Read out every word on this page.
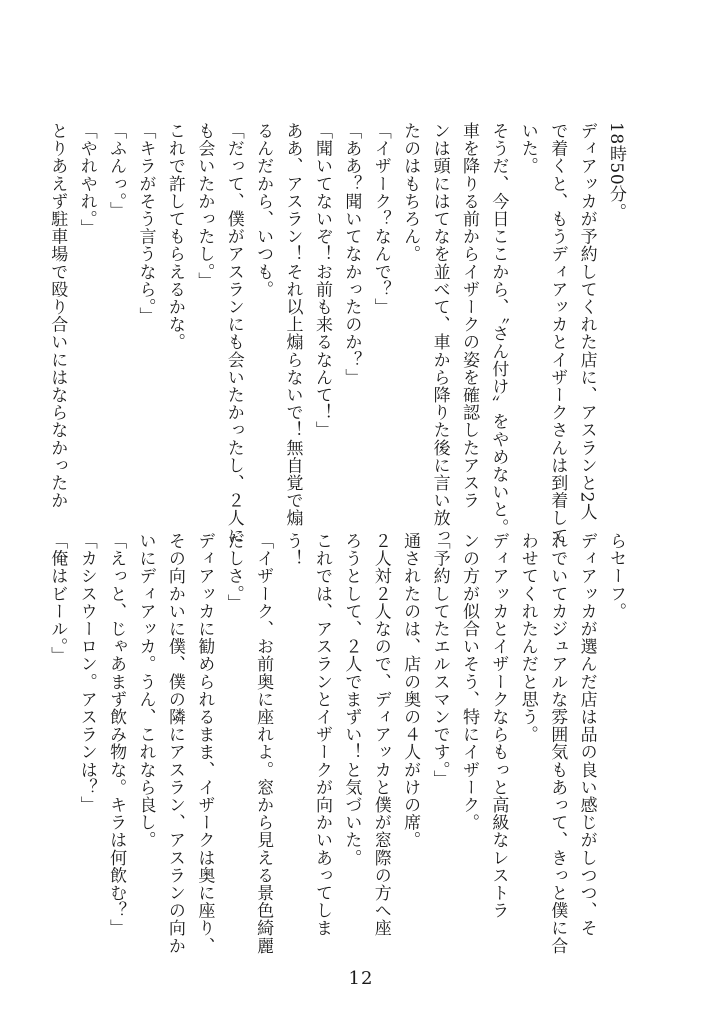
18時50分。

ディアッカが予約してくれた店に、アスランと2人

で着くと、もうディアッカとイザークさんは到着して

いた。

そうだ、今日ここから、〝さん付け〟をやめないと。

車を降りる前からイザークの姿を確認したアスラ

ンは頭にはてなを並べて、車から降りた後に言い放っ

たのはもちろん。

「イザーク？なんで？」

「ああ？聞いてなかったのか？」

「聞いてないぞ！お前も来るなんて！」

ああ、アスラン！それ以上煽らないで！無自覚で煽

るんだから、いつも。

「だって、僕がアスランにも会いたかったし、２人に

も会いたかったし。」

これで許してもらえるかな。

「キラがそう言うなら。」

「ふんっ。」

「やれやれ。」

とりあえず駐車場で殴り合いにはならなかったか

らセーフ。

ディアッカが選んだ店は品の良い感じがしつつ、そ

れでいてカジュアルな雰囲気もあって、きっと僕に合

わせてくれたんだと思う。

ディアッカとイザークならもっと高級なレストラ

ンの方が似合いそう、特にイザーク。

「予約してたエルスマンです。」

通されたのは、店の奥の４人がけの席。

２人対２人なので、ディアッカと僕が窓際の方へ座

ろうとして、２人でまずい！と気づいた。

これでは、アスランとイザークが向かいあってしま

う！

「イザーク、お前奥に座れよ。窓から見える景色綺麗

だしさ。」

ディアッカに勧められるまま、イザークは奥に座り、

その向かいに僕、僕の隣にアスラン、アスランの向か

いにディアッカ。うん、これなら良し。

「えっと、じゃあまず飲み物な。キラは何飲む？」

「カシスウーロン。アスランは？」

「俺はビール。」

12
